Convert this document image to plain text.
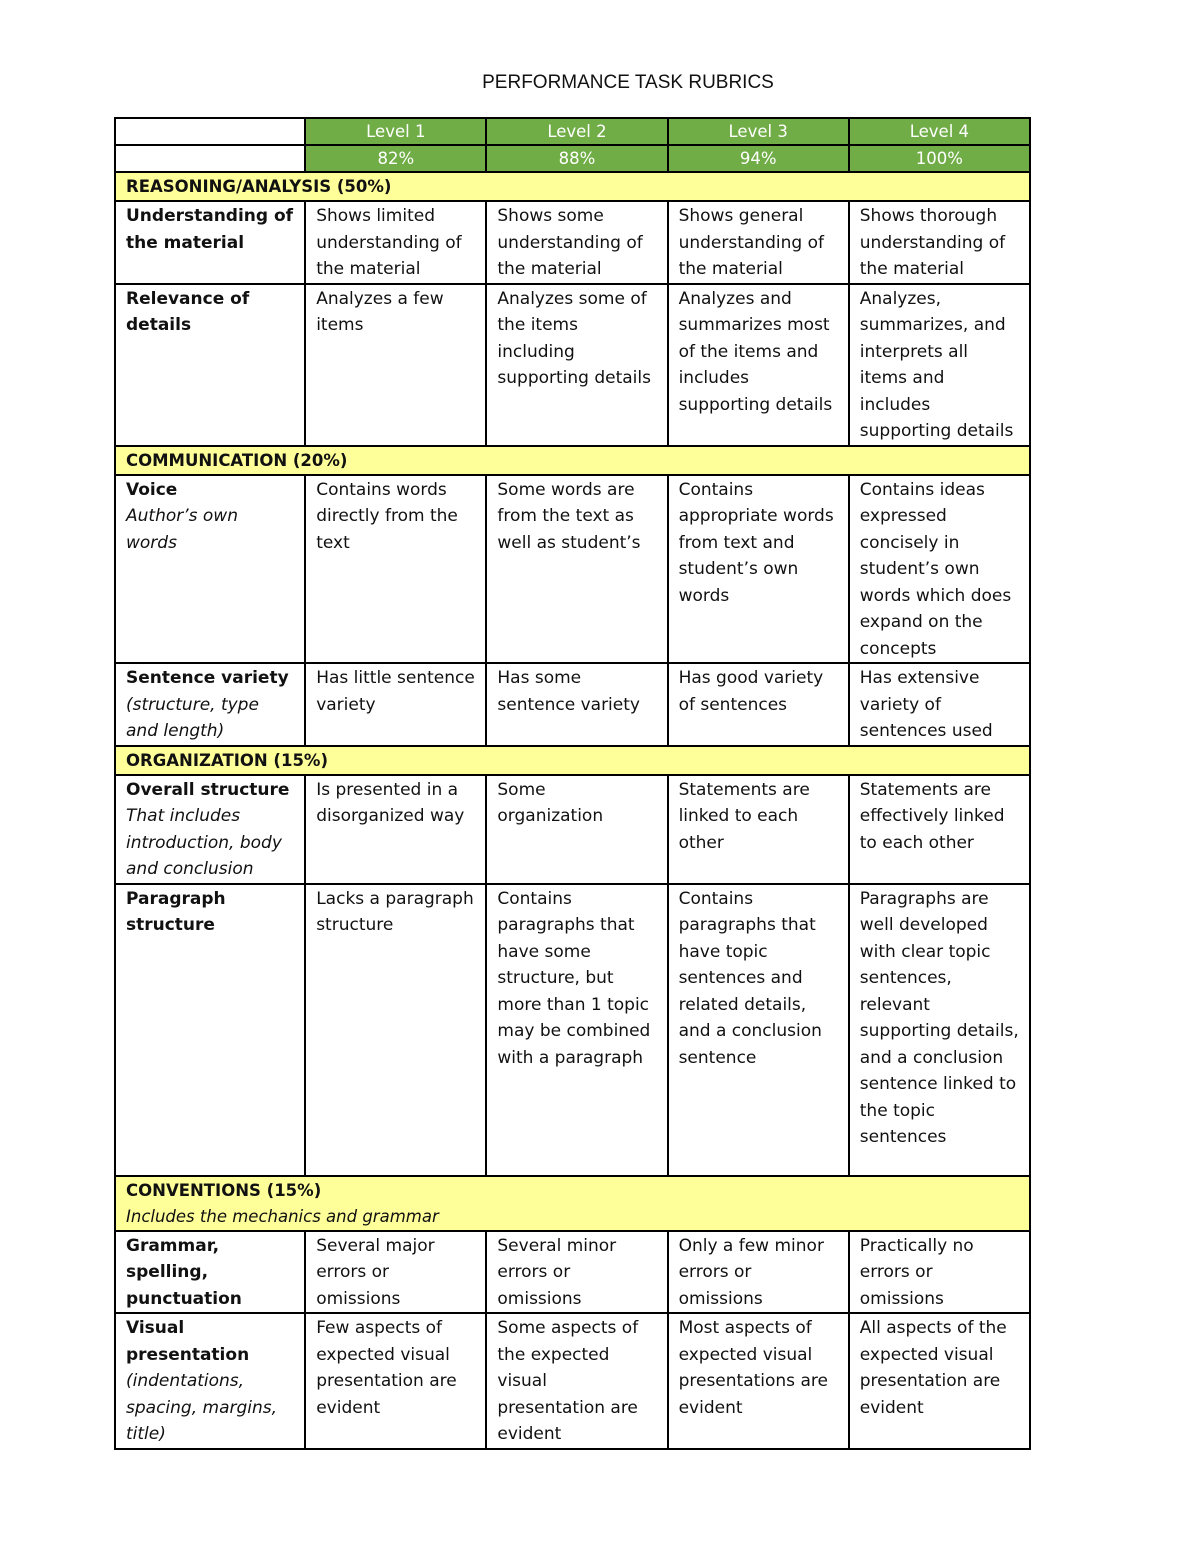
PERFORMANCE TASK RUBRICS
	Level 1	Level 2	Level 3	Level 4
	82%	88%	94%	100%
REASONING/ANALYSIS (50%)				

Understanding of the material	Shows limited understanding of the material	Shows some understanding of the material	Shows general understanding of the material	Shows thorough understanding of the material

Relevance of details	Analyzes a few items	Analyzes some of the items including supporting details	Analyzes and summarizes most of the items and includes supporting details	Analyzes, summarizes, and interprets all items and includes supporting details
COMMUNICATION (20%)				

Voice
Author’s own words	Contains words directly from the text	Some words are from the text as well as student’s	Contains appropriate words from text and student’s own words	Contains ideas expressed concisely in student’s own words which does expand on the concepts

Sentence variety
(structure, type and length)	Has little sentence variety	Has some sentence variety	Has good variety of sentences	Has extensive variety of sentences used
ORGANIZATION (15%)				

Overall structure
That includes introduction, body and conclusion	Is presented in a disorganized way	Some organization	Statements are linked to each other	Statements are effectively linked to each other

Paragraph structure	Lacks a paragraph structure	Contains paragraphs that have some structure, but more than 1 topic may be combined with a paragraph	Contains paragraphs that have topic sentences and related details, and a conclusion sentence	Paragraphs are well developed with clear topic sentences, relevant supporting details, and a conclusion sentence linked to the topic sentences
CONVENTIONS (15%)
Includes the mechanics and grammar				

Grammar, spelling, punctuation	Several major errors or omissions	Several minor errors or omissions	Only a few minor errors or omissions	Practically no errors or omissions

Visual presentation
(indentations, spacing, margins, title)	Few aspects of expected visual presentation are evident	Some aspects of the expected visual presentation are evident	Most aspects of expected visual presentations are evident	All aspects of the expected visual presentation are evident
